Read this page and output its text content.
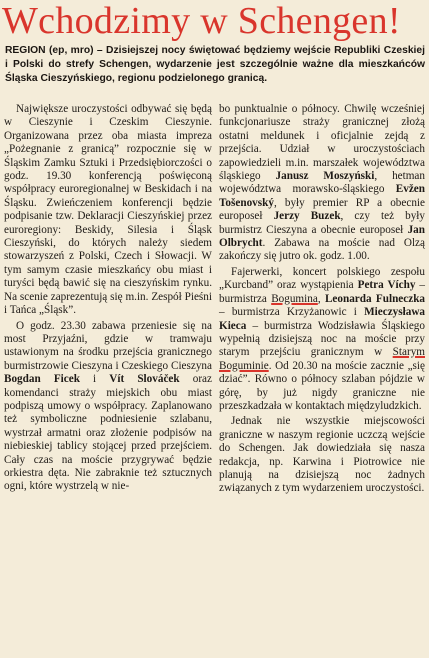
Wchodzimy w Schengen!
REGION (ep, mro) – Dzisiejszej nocy świętować będziemy wejście Republiki Czeskiej i Polski do strefy Schengen, wydarzenie jest szczególnie ważne dla mieszkańców Śląska Cieszyńskiego, regionu podzielonego granicą.

Największe uroczystości odbywać się będą w Cieszynie i Czeskim Cieszynie. Organizowana przez oba miasta impreza „Pożegnanie z granicą” rozpocznie się w Śląskim Zamku Sztuki i Przedsiębiorczości o godz. 19.30 konferencją poświęconą współpracy euroregionalnej w Beskidach i na Śląsku. Zwieńczeniem konferencji będzie podpisanie tzw. Deklaracji Cieszyńskiej przez euroregiony: Beskidy, Silesia i Śląsk Cieszyński, do których należy siedem stowarzyszeń z Polski, Czech i Słowacji. W tym samym czasie mieszkańcy obu miast i turyści będą bawić się na cieszyńskim rynku. Na scenie zaprezentują się m.in. Zespół Pieśni i Tańca „Śląsk”.

O godz. 23.30 zabawa przeniesie się na most Przyjaźni, gdzie w tramwaju ustawionym na środku przejścia granicznego burmistrzowie Cieszyna i Czeskiego Cieszyna Bogdan Ficek i Vít Slováček oraz komendanci straży miejskich obu miast podpiszą umowy o współpracy. Zaplanowano też symboliczne podniesienie szlabanu, wystrzał armatni oraz złożenie podpisów na niebieskiej tablicy stojącej przed przejściem. Cały czas na moście przygrywać będzie orkiestra dęta. Nie zabraknie też sztucznych ogni, które wystrzelą w nie-

bo punktualnie o północy. Chwilę wcześniej funkcjonariusze straży granicznej złożą ostatni meldunek i oficjalnie zejdą z przejścia. Udział w uroczystościach zapowiedzieli m.in. marszałek województwa śląskiego Janusz Moszyński, hetman województwa morawsko-śląskiego Evžen Tošenovský, były premier RP a obecnie europoseł Jerzy Buzek, czy też były burmistrz Cieszyna a obecnie europoseł Jan Olbrycht. Zabawa na moście nad Olzą zakończy się jutro ok. godz. 1.00.

Fajerwerki, koncert polskiego zespołu „Kurcband” oraz wystąpienia Petra Víchy – burmistrza Bogumina, Leonarda Fulneczka – burmistrza Krzyżanowic i Mieczysława Kieca – burmistrza Wodzisławia Śląskiego wypełnią dzisiejszą noc na moście przy starym przejściu granicznym w Starym Boguminie. Od 20.30 na moście zacznie „się dziać”. Równo o północy szlaban pójdzie w górę, by już nigdy graniczne nie przeszkadzała w kontaktach międzyludzkich.

Jednak nie wszystkie miejscowości graniczne w naszym regionie uczczą wejście do Schengen. Jak dowiedziała się nasza redakcja, np. Karwina i Piotrowice nie planują na dzisiejszą noc żadnych związanych z tym wydarzeniem uroczystości.
